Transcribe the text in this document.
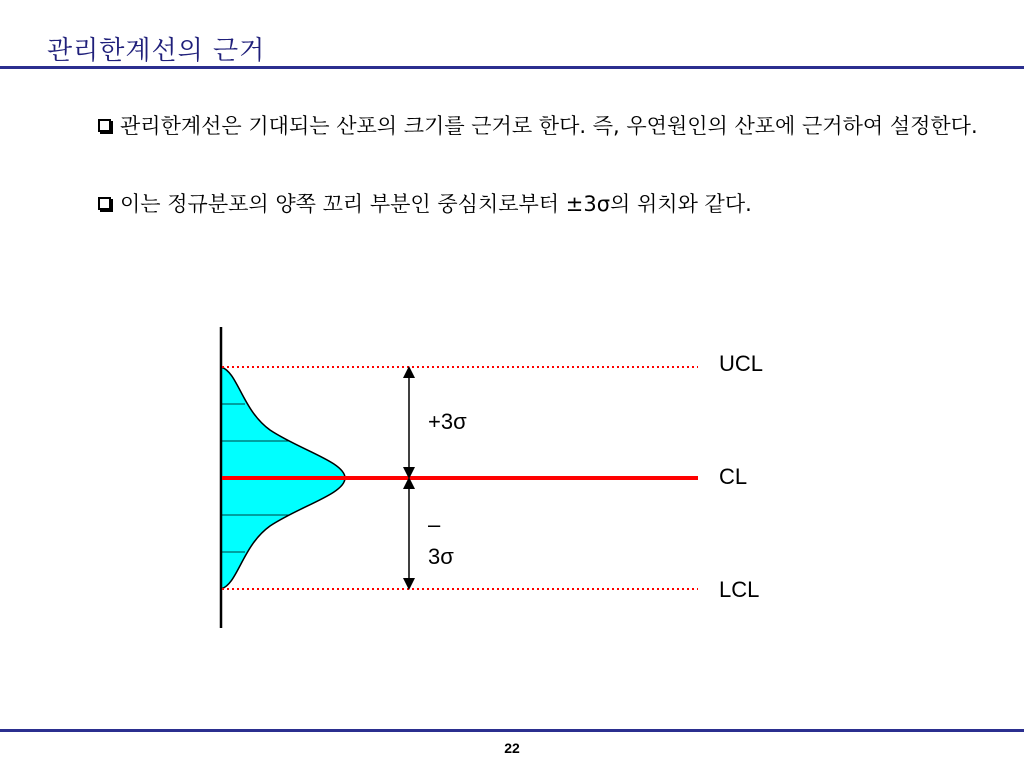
관리한계선의 근거
관리한계선은 기대되는 산포의 크기를 근거로 한다. 즉, 우연원인의 산포에 근거하여 설정한다.
이는 정규분포의 양쪽 꼬리 부분인 중심치로부터 ±3σ의 위치와 같다.
UCL
CL
LCL
+3σ
–
3σ
22
